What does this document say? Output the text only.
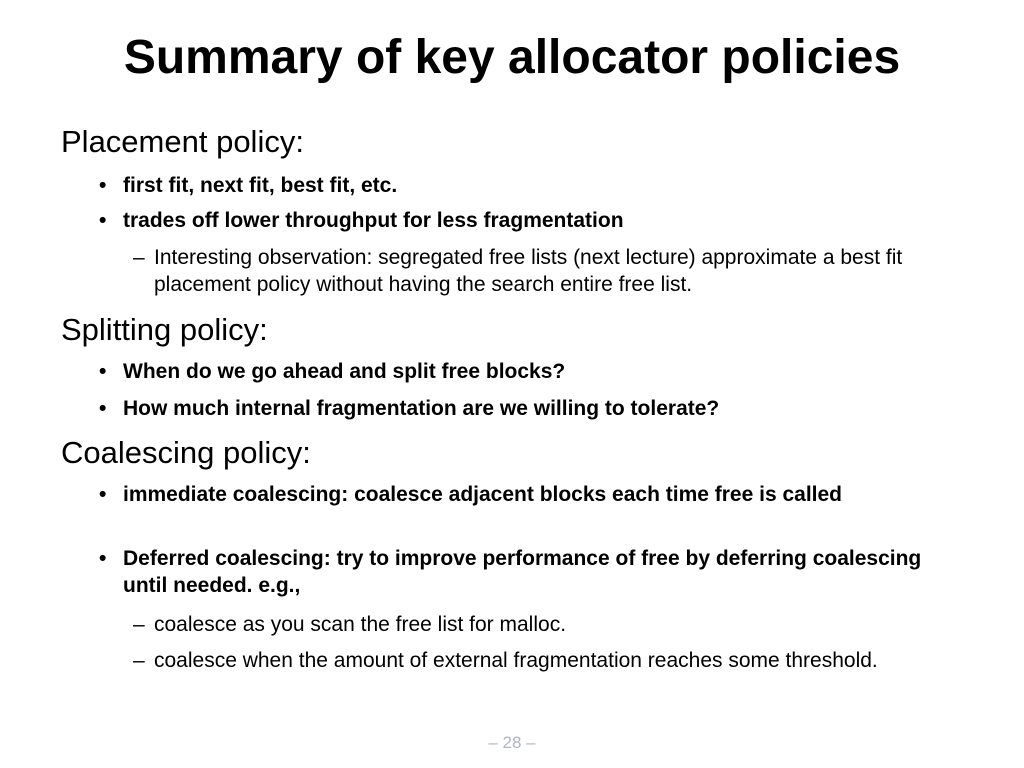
Summary of key allocator policies
Placement policy:
• first fit, next fit, best fit, etc.
• trades off lower throughput for less fragmentation
– Interesting observation: segregated free lists (next lecture) approximate a best fit placement policy without having the search entire free list.
Splitting policy:
• When do we go ahead and split free blocks?
• How much internal fragmentation are we willing to tolerate?
Coalescing policy:
• immediate coalescing: coalesce adjacent blocks each time free is called
• Deferred coalescing: try to improve performance of free by deferring coalescing until needed. e.g.,
– coalesce as you scan the free list for malloc.
– coalesce when the amount of external fragmentation reaches some threshold.
– 28 –
